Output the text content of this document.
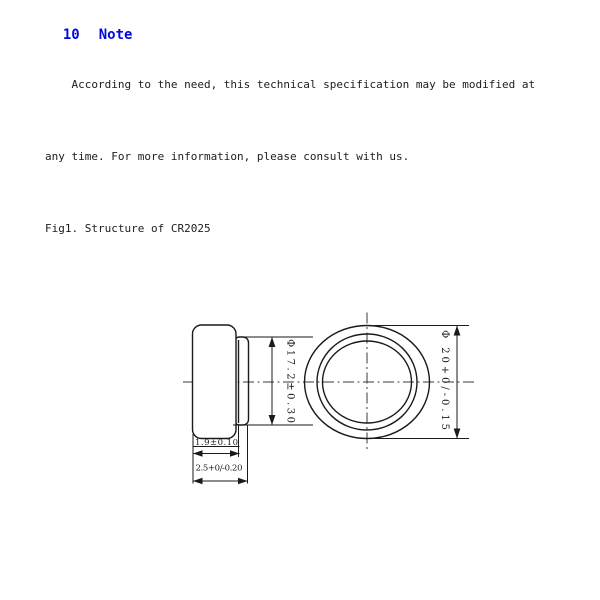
10 Note

According to the need, this technical specification may be modified at

any time. For more information, please consult with us.

Fig1. Structure of CR2025

Φ17.2±0.30
Φ 20+0/-0.15
1.9±0.10
2.5+0/-0.20
